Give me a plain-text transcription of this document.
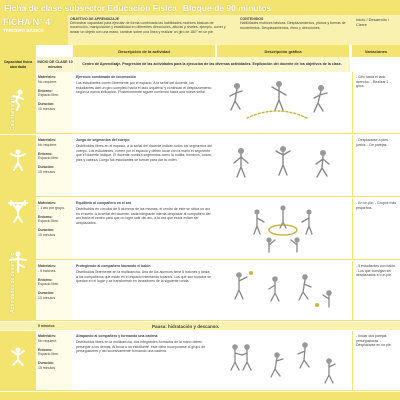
Ficha de clase subsector Educación Física Bloque de 90 minutos
FICHA N° 4
TERCERO BÁSICO
OBJETIVO DE APRENDIZAJE
Demostrar capacidad para ejecutar de forma combinada las habilidades motrices básicas de locomoción, manipulación y estabilidad en diferentes direcciones, alturas y niveles, ejemplo, correr y lanzar un objeto con una mano, caminar sobre una línea y realizar un giro de 180° en un pie.
CONTENIDOS
Habilidades motrices básicas. Desplazamientos, planos y formas de movimientos. Desplazamientos, ritmo y direcciones.
Inicio / Desarrollo / Cierre
Descripción de la actividad	Descripción gráfica	Variaciones
Capacidad física abordada
INICIO DE CLASE 10 minutos
Centro de Aprendizaje. Progresión de las actividades para la ejecución de las diversas actividades. Explicación del docente de los objetivos de la clase.
Calentamiento
Actividades de desarrollo
Materiales:
No requiere.

Entorno:
Espacio libre.

Duración:
10 minutos
Ejercicio combinado de locomoción
Los estudiantes corren libremente por el espacio. A la señal del docente, los estudiantes dan un giro completo hacia el lado izquierdo y continúan el desplazamiento según la nueva indicación. Posteriormente siguen corriendo hacia una nueva señal.
- Giro hacia el lado derecho. - Realizar 2 giros.
Materiales:
No requiere.

Entorno:
Espacio libre.

Duración:
15 minutos
Juego de segmentos del cuerpo
Distribuidos libres en el espacio, a la señal del docente indican todos los segmentos del cuerpo. Los estudiantes, corren por el espacio y deben tocar con la mano el segmento que el docente indique. El docente nombra segmentos como la rodilla, hombros, codos, pies y cabeza. Luego los estudiantes se turnan para dar la orden.
- Desplazarse a pies juntos. - De parejas.
Materiales:
- 1 aro por grupo.

Entorno:
Espacio libre.

Duración:
15 minutos
Equilibrio al compañero en el aro
Distribuidos en círculos de 5 alumnos de las mismas, el centro de éste se ubica un aro en el suelo. A la señal del docente, cada integrante intenta desplazar al compañero del aro hacia el centro para que no logre salir del aro, a la vez que éstos evitan ser desplazados.
- En un pie. - Grupos más pequeños.
Materiales:
- 5 balones.

Entorno:
Espacio libre.

Duración:
15 minutos
Protegiendo al compañero lanzando el balón
Distribuidos libremente en la multicancha. Uno de los alumnos tiene 5 balones y lanza a los compañeros que están en el espacio intentando tocarlos. Los que son tocados se quedan en el lugar y se transforman en lanzadores de la siguiente ronda.
- 5 estudiantes con balón. - Los que consigan ser desplazados en un pie.
5 minutos	Pausa: hidratación y descanso.
Materiales:
No requiere.

Entorno:
Espacio libre.

Duración:
15 minutos
Atrapando al compañero y formando una cadena
Distribuidos libres en la multicancha, dos integrantes formados de la mano deben perseguir a los demás. Al tocar a un estudiante, éste debe incorporarse al grupo de perseguidores y así sucesivamente formando una cadena.
- Iniciar dos parejas perseguidoras. - Desplazarse en un pie.
